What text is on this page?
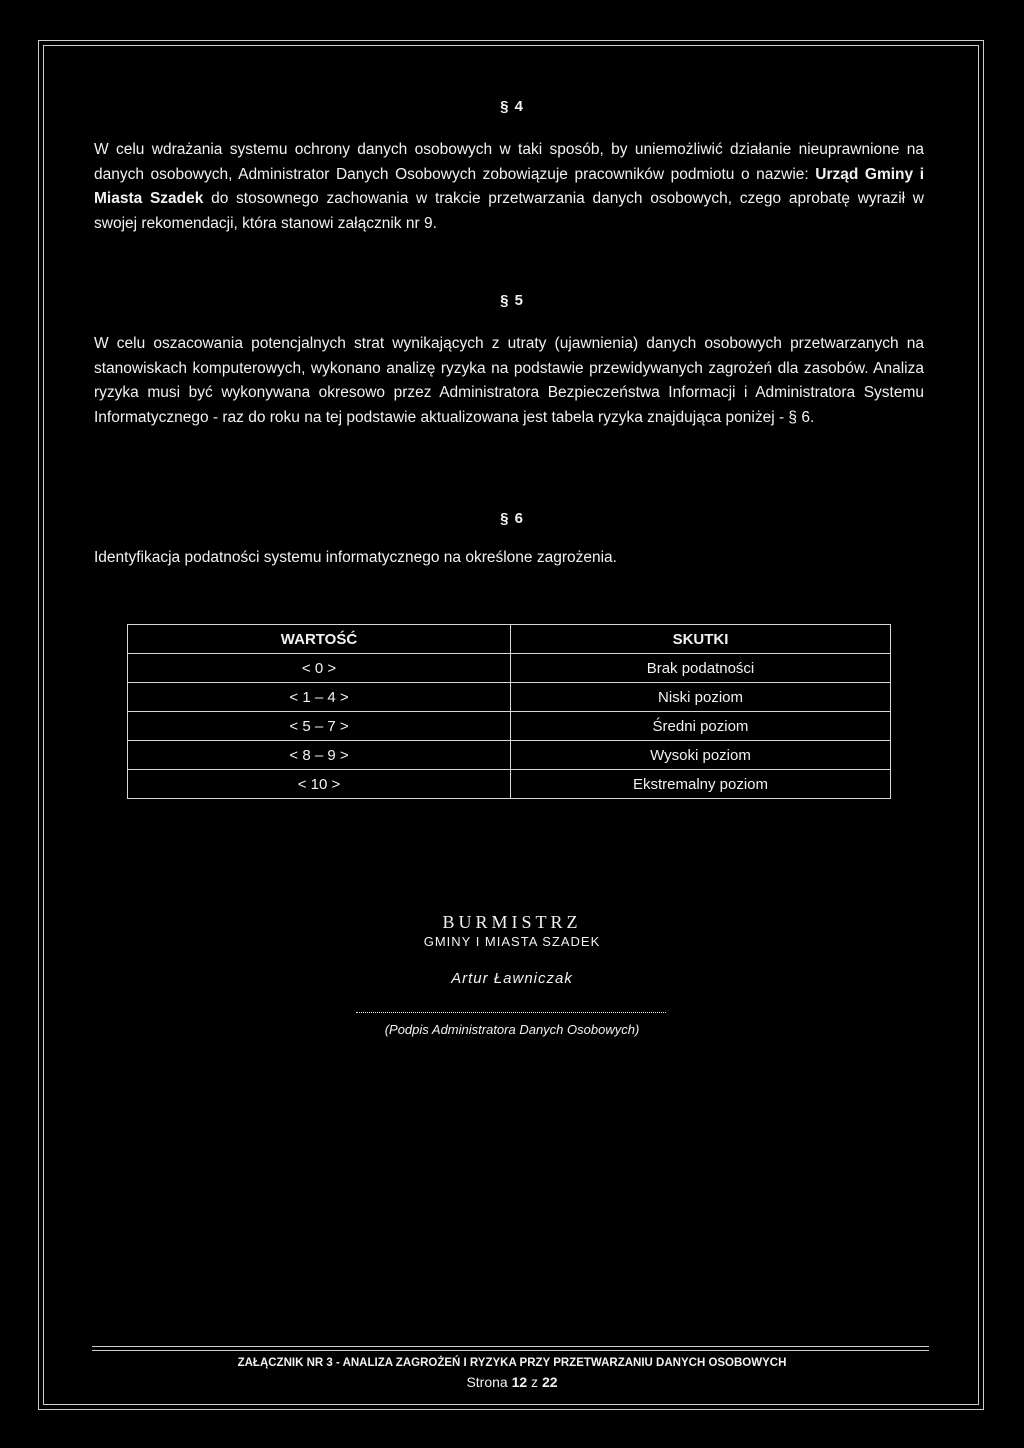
§ 4
W celu wdrażania systemu ochrony danych osobowych w taki sposób, by uniemożliwić działanie nieuprawnione na danych osobowych, Administrator Danych Osobowych zobowiązuje pracowników podmiotu o nazwie: Urząd Gminy i Miasta Szadek do stosownego zachowania w trakcie przetwarzania danych osobowych, czego aprobatę wyraził w swojej rekomendacji, która stanowi załącznik nr 9.
§ 5
W celu oszacowania potencjalnych strat wynikających z utraty (ujawnienia) danych osobowych przetwarzanych na stanowiskach komputerowych, wykonano analizę ryzyka na podstawie przewidywanych zagrożeń dla zasobów. Analiza ryzyka musi być wykonywana okresowo przez Administratora Bezpieczeństwa Informacji i Administratora Systemu Informatycznego - raz do roku na tej podstawie aktualizowana jest tabela ryzyka znajdująca poniżej - § 6.
§ 6
Identyfikacja podatności systemu informatycznego na określone zagrożenia.
WARTOŚĆ	SKUTKI
< 0 >	Brak podatności
< 1 – 4 >	Niski poziom
< 5 – 7 >	Średni poziom
< 8 – 9 >	Wysoki poziom
< 10 >	Ekstremalny poziom
BURMISTRZ
GMINY I MIASTA SZADEK
Artur Ławniczak
(Podpis Administratora Danych Osobowych)
ZAŁĄCZNIK NR 3 - ANALIZA ZAGROŻEŃ I RYZYKA PRZY PRZETWARZANIU DANYCH OSOBOWYCH
Strona 12 z 22
